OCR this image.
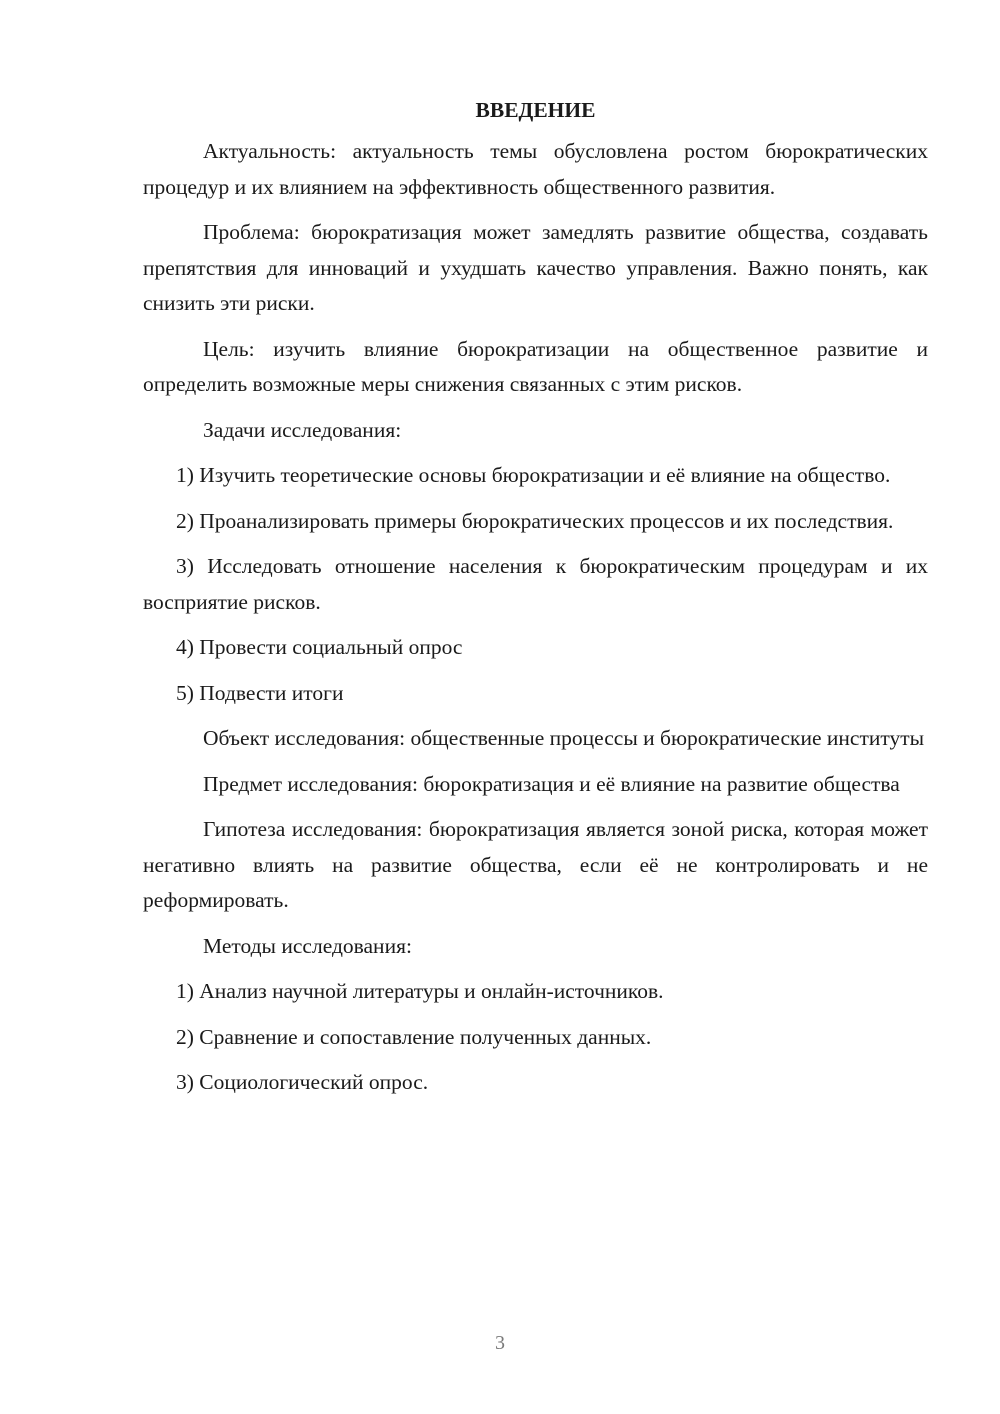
ВВЕДЕНИЕ

Актуальность: актуальность темы обусловлена ростом бюрократических процедур и их влиянием на эффективность общественного развития.

Проблема: бюрократизация может замедлять развитие общества, создавать препятствия для инноваций и ухудшать качество управления. Важно понять, как снизить эти риски.

Цель: изучить влияние бюрократизации на общественное развитие и определить возможные меры снижения связанных с этим рисков.

Задачи исследования:

1) Изучить теоретические основы бюрократизации и её влияние на общество.

2) Проанализировать примеры бюрократических процессов и их последствия.

3) Исследовать отношение населения к бюрократическим процедурам и их восприятие рисков.

4) Провести социальный опрос

5) Подвести итоги

Объект исследования: общественные процессы и бюрократические институты

Предмет исследования: бюрократизация и её влияние на развитие общества

Гипотеза исследования: бюрократизация является зоной риска, которая может негативно влиять на развитие общества, если её не контролировать и не реформировать.

Методы исследования:

1) Анализ научной литературы и онлайн-источников.

2) Сравнение и сопоставление полученных данных.

3) Социологический опрос.

3
